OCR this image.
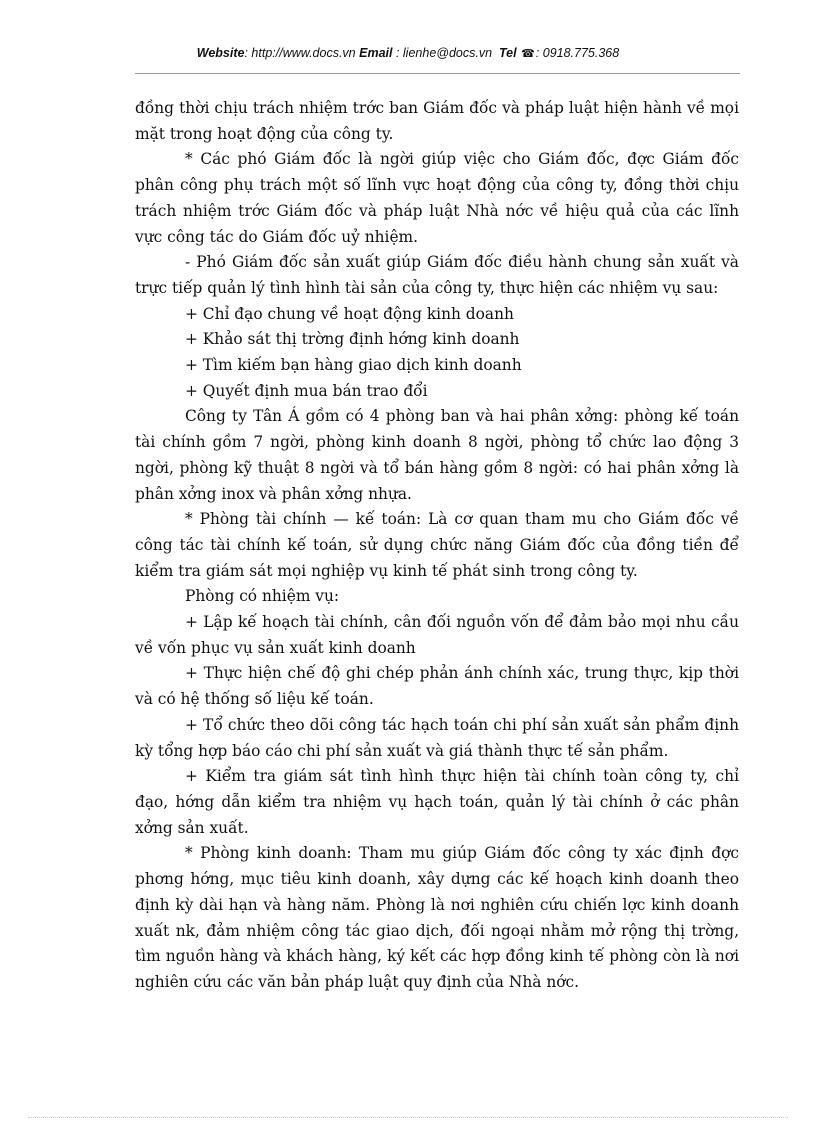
Website: http://www.docs.vn Email : lienhe@docs.vn Tel ☎: 0918.775.368

đồng thời chịu trách nhiệm trớc ban Giám đốc và pháp luật hiện hành về mọi mặt trong hoạt động của công ty.

* Các phó Giám đốc là ngời giúp việc cho Giám đốc, đợc Giám đốc phân công phụ trách một số lĩnh vực hoạt động của công ty, đồng thời chịu trách nhiệm trớc Giám đốc và pháp luật Nhà nớc về hiệu quả của các lĩnh vực công tác do Giám đốc uỷ nhiệm.

- Phó Giám đốc sản xuất giúp Giám đốc điều hành chung sản xuất và trực tiếp quản lý tình hình tài sản của công ty, thực hiện các nhiệm vụ sau:

+ Chỉ đạo chung về hoạt động kinh doanh

+ Khảo sát thị trờng định hớng kinh doanh

+ Tìm kiếm bạn hàng giao dịch kinh doanh

+ Quyết định mua bán trao đổi

Công ty Tân Á gồm có 4 phòng ban và hai phân xởng: phòng kế toán tài chính gồm 7 ngời, phòng kinh doanh 8 ngời, phòng tổ chức lao động 3 ngời, phòng kỹ thuật 8 ngời và tổ bán hàng gồm 8 ngời: có hai phân xởng là phân xởng inox và phân xởng nhựa.

* Phòng tài chính — kế toán: Là cơ quan tham mu cho Giám đốc về công tác tài chính kế toán, sử dụng chức năng Giám đốc của đồng tiền để kiểm tra giám sát mọi nghiệp vụ kinh tế phát sinh trong công ty.

Phòng có nhiệm vụ:

+ Lập kế hoạch tài chính, cân đối nguồn vốn để đảm bảo mọi nhu cầu về vốn phục vụ sản xuất kinh doanh

+ Thực hiện chế độ ghi chép phản ánh chính xác, trung thực, kịp thời và có hệ thống số liệu kế toán.

+ Tổ chức theo dõi công tác hạch toán chi phí sản xuất sản phẩm định kỳ tổng hợp báo cáo chi phí sản xuất và giá thành thực tế sản phẩm.

+ Kiểm tra giám sát tình hình thực hiện tài chính toàn công ty, chỉ đạo, hớng dẫn kiểm tra nhiệm vụ hạch toán, quản lý tài chính ở các phân xởng sản xuất.

* Phòng kinh doanh: Tham mu giúp Giám đốc công ty xác định đợc phơng hớng, mục tiêu kinh doanh, xây dựng các kế hoạch kinh doanh theo định kỳ dài hạn và hàng năm. Phòng là nơi nghiên cứu chiến lợc kinh doanh xuất nk, đảm nhiệm công tác giao dịch, đối ngoại nhằm mở rộng thị trờng, tìm nguồn hàng và khách hàng, ký kết các hợp đồng kinh tế phòng còn là nơi nghiên cứu các văn bản pháp luật quy định của Nhà nớc.
